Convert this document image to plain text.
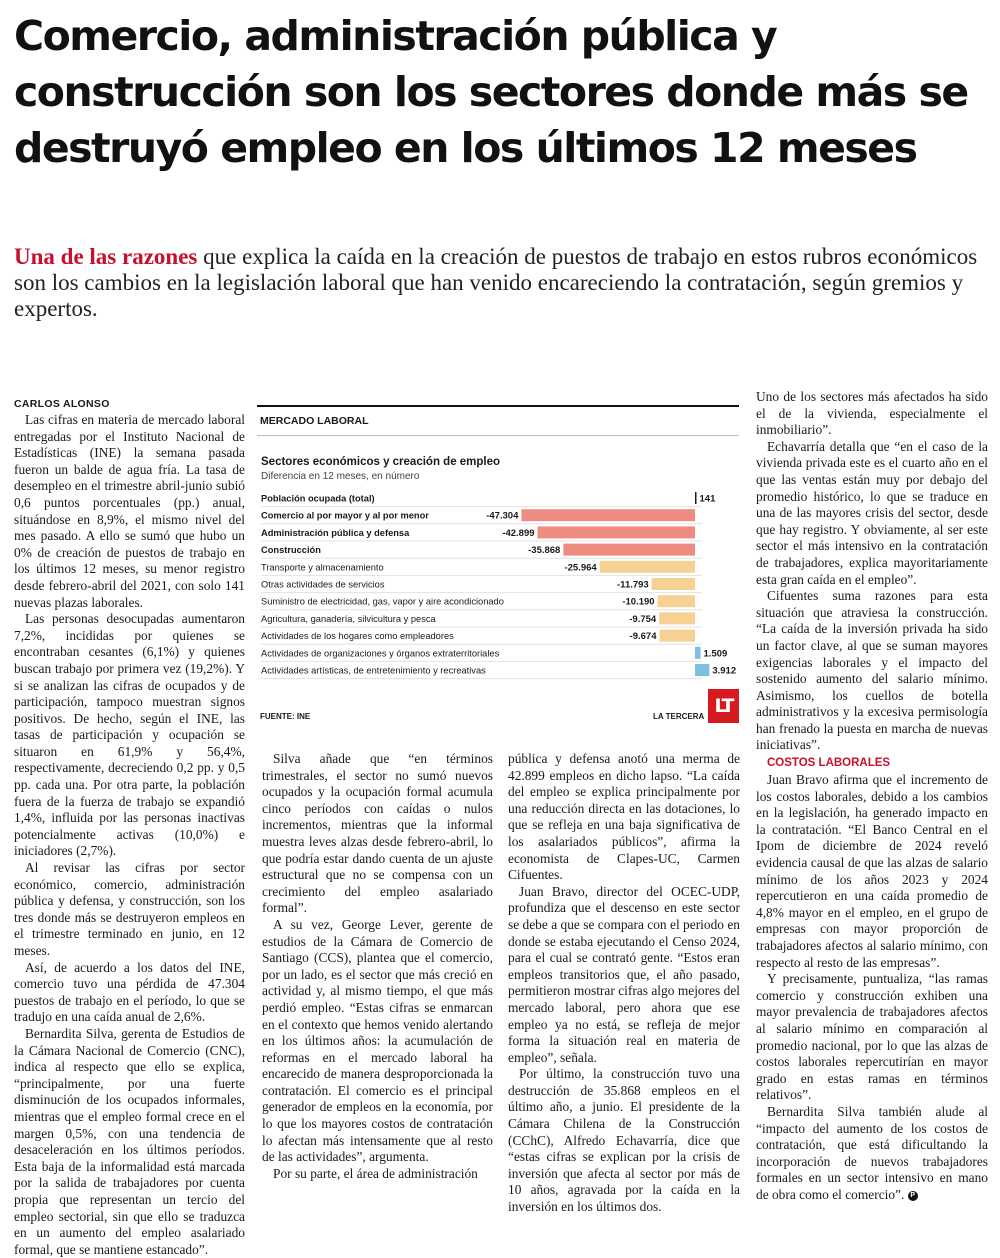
Comercio, administración pública y construcción son los sectores donde más se destruyó empleo en los últimos 12 meses

Una de las razones que explica la caída en la creación de puestos de trabajo en estos rubros económicos son los cambios en la legislación laboral que han venido encareciendo la contratación, según gremios y expertos.

CARLOS ALONSO

Las cifras en materia de mercado laboral entregadas por el Instituto Nacional de Estadísticas (INE) la semana pasada fueron un balde de agua fría. La tasa de desempleo en el trimestre abril-junio subió 0,6 puntos porcentuales (pp.) anual, situándose en 8,9%, el mismo nivel del mes pasado. A ello se sumó que hubo un 0% de creación de puestos de trabajo en los últimos 12 meses, su menor registro desde febrero-abril del 2021, con solo 141 nuevas plazas laborales.

Las personas desocupadas aumentaron 7,2%, incididas por quienes se encontraban cesantes (6,1%) y quienes buscan trabajo por primera vez (19,2%). Y si se analizan las cifras de ocupados y de participación, tampoco muestran signos positivos. De hecho, según el INE, las tasas de participación y ocupación se situaron en 61,9% y 56,4%, respectivamente, decreciendo 0,2 pp. y 0,5 pp. cada una. Por otra parte, la población fuera de la fuerza de trabajo se expandió 1,4%, influida por las personas inactivas potencialmente activas (10,0%) e iniciadores (2,7%).

Al revisar las cifras por sector económico, comercio, administración pública y defensa, y construcción, son los tres donde más se destruyeron empleos en el trimestre terminado en junio, en 12 meses.

Así, de acuerdo a los datos del INE, comercio tuvo una pérdida de 47.304 puestos de trabajo en el período, lo que se tradujo en una caída anual de 2,6%.

Bernardita Silva, gerenta de Estudios de la Cámara Nacional de Comercio (CNC), indica al respecto que ello se explica, “principalmente, por una fuerte disminución de los ocupados informales, mientras que el empleo formal crece en el margen 0,5%, con una tendencia de desaceleración en los últimos períodos. Esta baja de la informalidad está marcada por la salida de trabajadores por cuenta propia que representan un tercio del empleo sectorial, sin que ello se traduzca en un aumento del empleo asalariado formal, que se mantiene estancado”.

MERCADO LABORAL
Sectores económicos y creación de empleo
Diferencia en 12 meses, en número
Población ocupada (total)	141
Comercio al por mayor y al por menor	-47.304
Administración pública y defensa	-42.899
Construcción	-35.868
Transporte y almacenamiento	-25.964
Otras actividades de servicios	-11.793
Suministro de electricidad, gas, vapor y aire acondicionado	-10.190
Agricultura, ganadería, silvicultura y pesca	-9.754
Actividades de los hogares como empleadores	-9.674
Actividades de organizaciones y órganos extraterritoriales	1.509
Actividades artísticas, de entretenimiento y recreativas	3.912
LT
FUENTE: INE	LA TERCERA

Silva añade que “en términos trimestrales, el sector no sumó nuevos ocupados y la ocupación formal acumula cinco períodos con caídas o nulos incrementos, mientras que la informal muestra leves alzas desde febrero-abril, lo que podría estar dando cuenta de un ajuste estructural que no se compensa con un crecimiento del empleo asalariado formal”.

A su vez, George Lever, gerente de estudios de la Cámara de Comercio de Santiago (CCS), plantea que el comercio, por un lado, es el sector que más creció en actividad y, al mismo tiempo, el que más perdió empleo. “Estas cifras se enmarcan en el contexto que hemos venido alertando en los últimos años: la acumulación de reformas en el mercado laboral ha encarecido de manera desproporcionada la contratación. El comercio es el principal generador de empleos en la economía, por lo que los mayores costos de contratación lo afectan más intensamente que al resto de las actividades”, argumenta.

Por su parte, el área de administración

pública y defensa anotó una merma de 42.899 empleos en dicho lapso. “La caída del empleo se explica principalmente por una reducción directa en las dotaciones, lo que se refleja en una baja significativa de los asalariados públicos”, afirma la economista de Clapes-UC, Carmen Cifuentes.

Juan Bravo, director del OCEC-UDP, profundiza que el descenso en este sector se debe a que se compara con el periodo en donde se estaba ejecutando el Censo 2024, para el cual se contrató gente. “Estos eran empleos transitorios que, el año pasado, permitieron mostrar cifras algo mejores del mercado laboral, pero ahora que ese empleo ya no está, se refleja de mejor forma la situación real en materia de empleo”, señala.

Por último, la construcción tuvo una destrucción de 35.868 empleos en el último año, a junio. El presidente de la Cámara Chilena de la Construcción (CChC), Alfredo Echavarría, dice que “estas cifras se explican por la crisis de inversión que afecta al sector por más de 10 años, agravada por la caída en la inversión en los últimos dos.

Uno de los sectores más afectados ha sido el de la vivienda, especialmente el inmobiliario”.

Echavarría detalla que “en el caso de la vivienda privada este es el cuarto año en el que las ventas están muy por debajo del promedio histórico, lo que se traduce en una de las mayores crisis del sector, desde que hay registro. Y obviamente, al ser este sector el más intensivo en la contratación de trabajadores, explica mayoritariamente esta gran caída en el empleo”.

Cifuentes suma razones para esta situación que atraviesa la construcción. “La caída de la inversión privada ha sido un factor clave, al que se suman mayores exigencias laborales y el impacto del sostenido aumento del salario mínimo. Asimismo, los cuellos de botella administrativos y la excesiva permisología han frenado la puesta en marcha de nuevas iniciativas”.

COSTOS LABORALES

Juan Bravo afirma que el incremento de los costos laborales, debido a los cambios en la legislación, ha generado impacto en la contratación. “El Banco Central en el Ipom de diciembre de 2024 reveló evidencia causal de que las alzas de salario mínimo de los años 2023 y 2024 repercutieron en una caída promedio de 4,8% mayor en el empleo, en el grupo de empresas con mayor proporción de trabajadores afectos al salario mínimo, con respecto al resto de las empresas”.

Y precisamente, puntualiza, “las ramas comercio y construcción exhiben una mayor prevalencia de trabajadores afectos al salario mínimo en comparación al promedio nacional, por lo que las alzas de costos laborales repercutirían en mayor grado en estas ramas en términos relativos”.

Bernardita Silva también alude al “impacto del aumento de los costos de contratación, que está dificultando la incorporación de nuevos trabajadores formales en un sector intensivo en mano de obra como el comercio”. P
